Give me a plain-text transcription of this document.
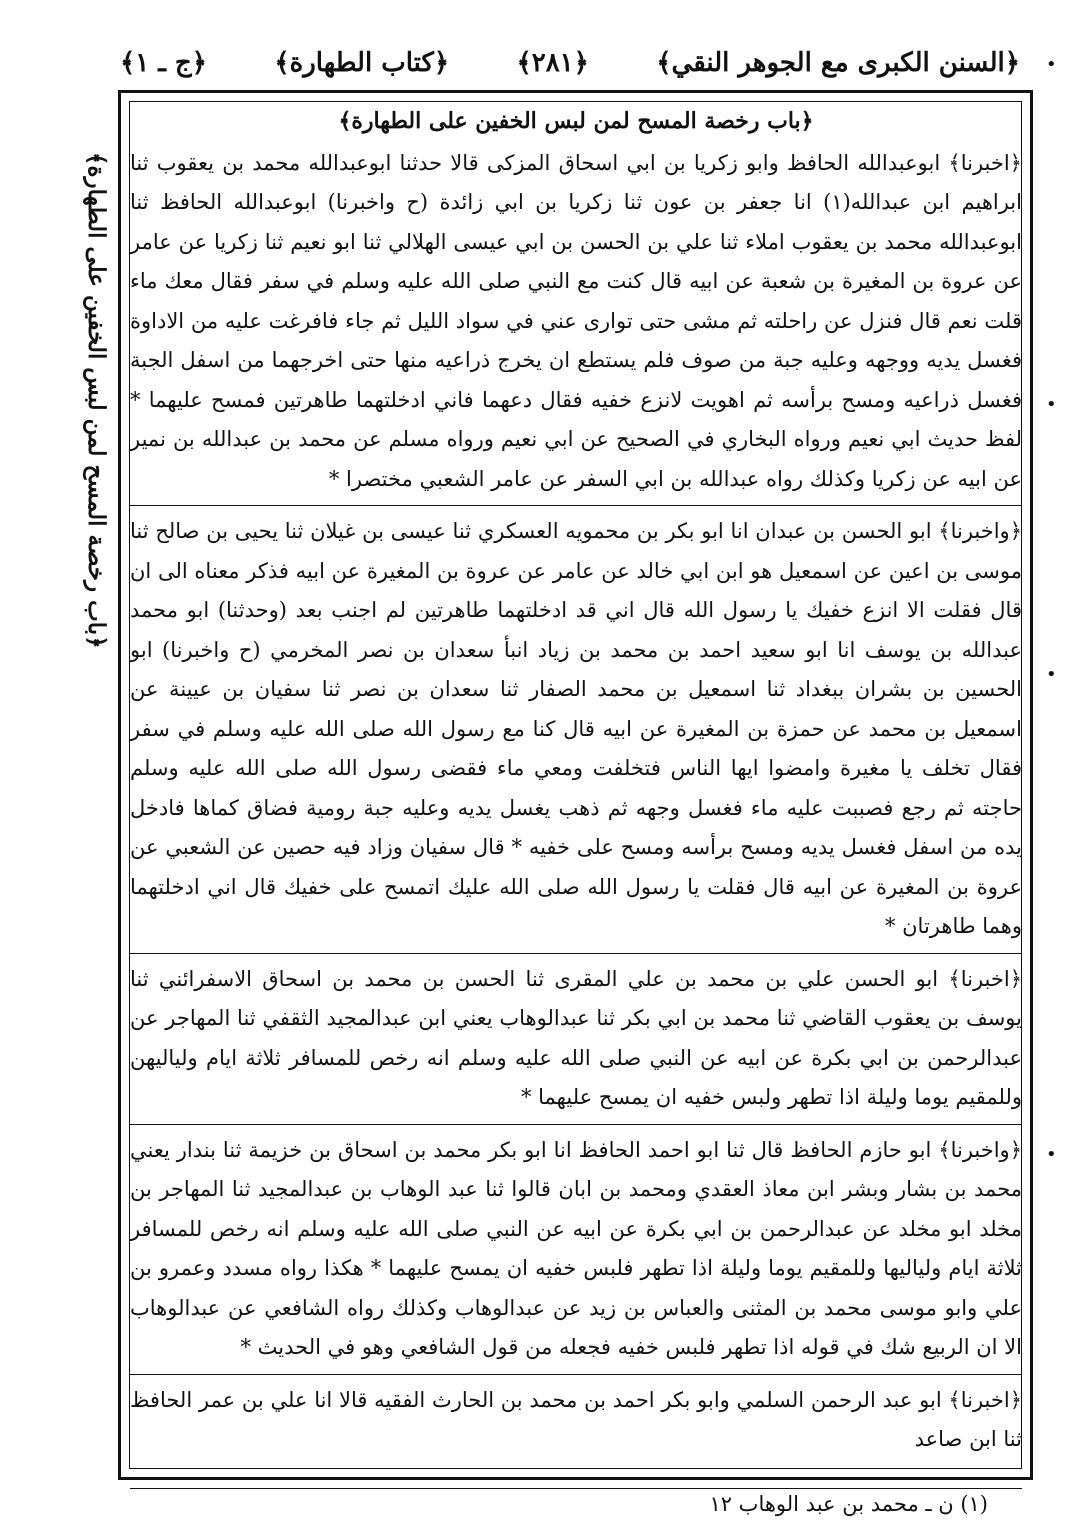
﴿السنن الكبرى مع الجوهر النقي﴾
﴿٢٨١﴾
﴿كتاب الطهارة﴾
﴿ج ـ ١﴾
﴿باب رخصة المسح لمن لبس الخفين على الطهارة﴾

﴿باب رخصة المسح لمن لبس الخفين على الطهارة﴾

﴿اخبرنا﴾ ابوعبدالله الحافظ وابو زكريا بن ابي اسحاق المزكى قالا حدثنا ابوعبدالله محمد بن يعقوب ثنا ابراهيم ابن عبدالله(١) انا جعفر بن عون ثنا زكريا بن ابي زائدة (ح واخبرنا) ابوعبدالله الحافظ ثنا ابوعبدالله محمد بن يعقوب املاء ثنا علي بن الحسن بن ابي عيسى الهلالي ثنا ابو نعيم ثنا زكريا عن عامر عن عروة بن المغيرة بن شعبة عن ابيه قال كنت مع النبي صلى الله عليه وسلم في سفر فقال معك ماء قلت نعم قال فنزل عن راحلته ثم مشى حتى توارى عني في سواد الليل ثم جاء فافرغت عليه من الاداوة فغسل يديه ووجهه وعليه جبة من صوف فلم يستطع ان يخرج ذراعيه منها حتى اخرجهما من اسفل الجبة فغسل ذراعيه ومسح برأسه ثم اهويت لانزع خفيه فقال دعهما فاني ادخلتهما طاهرتين فمسح عليهما * لفظ حديث ابي نعيم ورواه البخاري في الصحيح عن ابي نعيم ورواه مسلم عن محمد بن عبدالله بن نمير عن ابيه عن زكريا وكذلك رواه عبدالله بن ابي السفر عن عامر الشعبي مختصرا *

﴿واخبرنا﴾ ابو الحسن بن عبدان انا ابو بكر بن محمويه العسكري ثنا عيسى بن غيلان ثنا يحيى بن صالح ثنا موسى بن اعين عن اسمعيل هو ابن ابي خالد عن عامر عن عروة بن المغيرة عن ابيه فذكر معناه الى ان قال فقلت الا انزع خفيك يا رسول الله قال اني قد ادخلتهما طاهرتين لم اجنب بعد (وحدثنا) ابو محمد عبدالله بن يوسف انا ابو سعيد احمد بن محمد بن زياد انبأ سعدان بن نصر المخرمي (ح واخبرنا) ابو الحسين بن بشران ببغداد ثنا اسمعيل بن محمد الصفار ثنا سعدان بن نصر ثنا سفيان بن عيينة عن اسمعيل بن محمد عن حمزة بن المغيرة عن ابيه قال كنا مع رسول الله صلى الله عليه وسلم في سفر فقال تخلف يا مغيرة وامضوا ايها الناس فتخلفت ومعي ماء فقضى رسول الله صلى الله عليه وسلم حاجته ثم رجع فصببت عليه ماء فغسل وجهه ثم ذهب يغسل يديه وعليه جبة رومية فضاق كماها فادخل يده من اسفل فغسل يديه ومسح برأسه ومسح على خفيه * قال سفيان وزاد فيه حصين عن الشعبي عن عروة بن المغيرة عن ابيه قال فقلت يا رسول الله صلى الله عليك اتمسح على خفيك قال اني ادخلتهما وهما طاهرتان *

﴿اخبرنا﴾ ابو الحسن علي بن محمد بن علي المقرى ثنا الحسن بن محمد بن اسحاق الاسفرائني ثنا يوسف بن يعقوب القاضي ثنا محمد بن ابي بكر ثنا عبدالوهاب يعني ابن عبدالمجيد الثقفي ثنا المهاجر عن عبدالرحمن بن ابي بكرة عن ابيه عن النبي صلى الله عليه وسلم انه رخص للمسافر ثلاثة ايام ولياليهن وللمقيم يوما وليلة اذا تطهر ولبس خفيه ان يمسح عليهما *

﴿واخبرنا﴾ ابو حازم الحافظ قال ثنا ابو احمد الحافظ انا ابو بكر محمد بن اسحاق بن خزيمة ثنا بندار يعني محمد بن بشار وبشر ابن معاذ العقدي ومحمد بن ابان قالوا ثنا عبد الوهاب بن عبدالمجيد ثنا المهاجر بن مخلد ابو مخلد عن عبدالرحمن بن ابي بكرة عن ابيه عن النبي صلى الله عليه وسلم انه رخص للمسافر ثلاثة ايام ولياليها وللمقيم يوما وليلة اذا تطهر فلبس خفيه ان يمسح عليهما * هكذا رواه مسدد وعمرو بن علي وابو موسى محمد بن المثنى والعباس بن زيد عن عبدالوهاب وكذلك رواه الشافعي عن عبدالوهاب الا ان الربيع شك في قوله اذا تطهر فلبس خفيه فجعله من قول الشافعي وهو في الحديث *

﴿اخبرنا﴾ ابو عبد الرحمن السلمي وابو بكر احمد بن محمد بن الحارث الفقيه قالا انا علي بن عمر الحافظ ثنا ابن صاعد

(١) ن ـ محمد بن عبد الوهاب ١٢
•
•
•
•
